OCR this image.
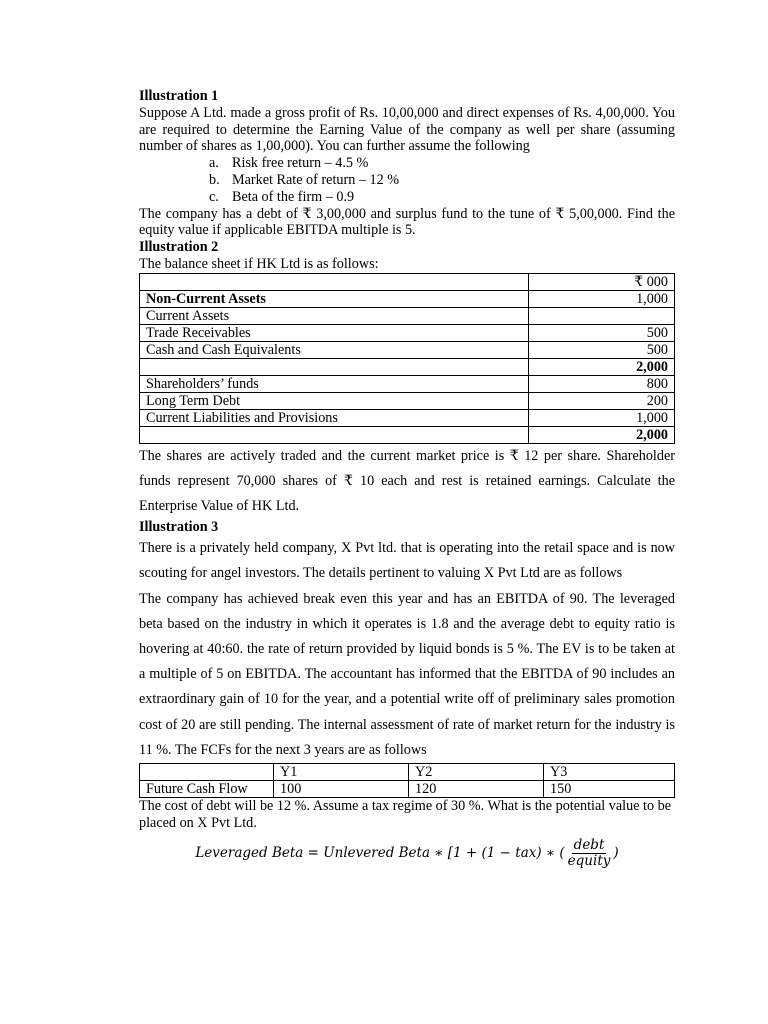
Illustration 1

Suppose A Ltd. made a gross profit of Rs. 10,00,000 and direct expenses of Rs. 4,00,000. You are required to determine the Earning Value of the company as well per share (assuming number of shares as 1,00,000). You can further assume the following

a. Risk free return – 4.5 %
b. Market Rate of return – 12 %
c. Beta of the firm – 0.9

The company has a debt of ₹ 3,00,000 and surplus fund to the tune of ₹ 5,00,000. Find the equity value if applicable EBITDA multiple is 5.

Illustration 2

The balance sheet if HK Ltd is as follows:

	₹ 000
Non-Current Assets	1,000
Current Assets	
Trade Receivables	500
Cash and Cash Equivalents	500
	2,000
Shareholders’ funds	800
Long Term Debt	200
Current Liabilities and Provisions	1,000
	2,000

The shares are actively traded and the current market price is ₹ 12 per share. Shareholder funds represent 70,000 shares of ₹ 10 each and rest is retained earnings. Calculate the Enterprise Value of HK Ltd.

Illustration 3

There is a privately held company, X Pvt ltd. that is operating into the retail space and is now scouting for angel investors. The details pertinent to valuing X Pvt Ltd are as follows

The company has achieved break even this year and has an EBITDA of 90. The leveraged beta based on the industry in which it operates is 1.8 and the average debt to equity ratio is hovering at 40:60. the rate of return provided by liquid bonds is 5 %. The EV is to be taken at a multiple of 5 on EBITDA. The accountant has informed that the EBITDA of 90 includes an extraordinary gain of 10 for the year, and a potential write off of preliminary sales promotion cost of 20 are still pending. The internal assessment of rate of market return for the industry is 11 %. The FCFs for the next 3 years are as follows

	Y1	Y2	Y3
Future Cash Flow	100	120	150

The cost of debt will be 12 %. Assume a tax regime of 30 %. What is the potential value to be placed on X Pvt Ltd.

Leveraged Beta = Unlevered Beta ∗ [1 + (1 − tax) ∗ ( $\frac{\text{debt}}{\text{equity}}$ )
